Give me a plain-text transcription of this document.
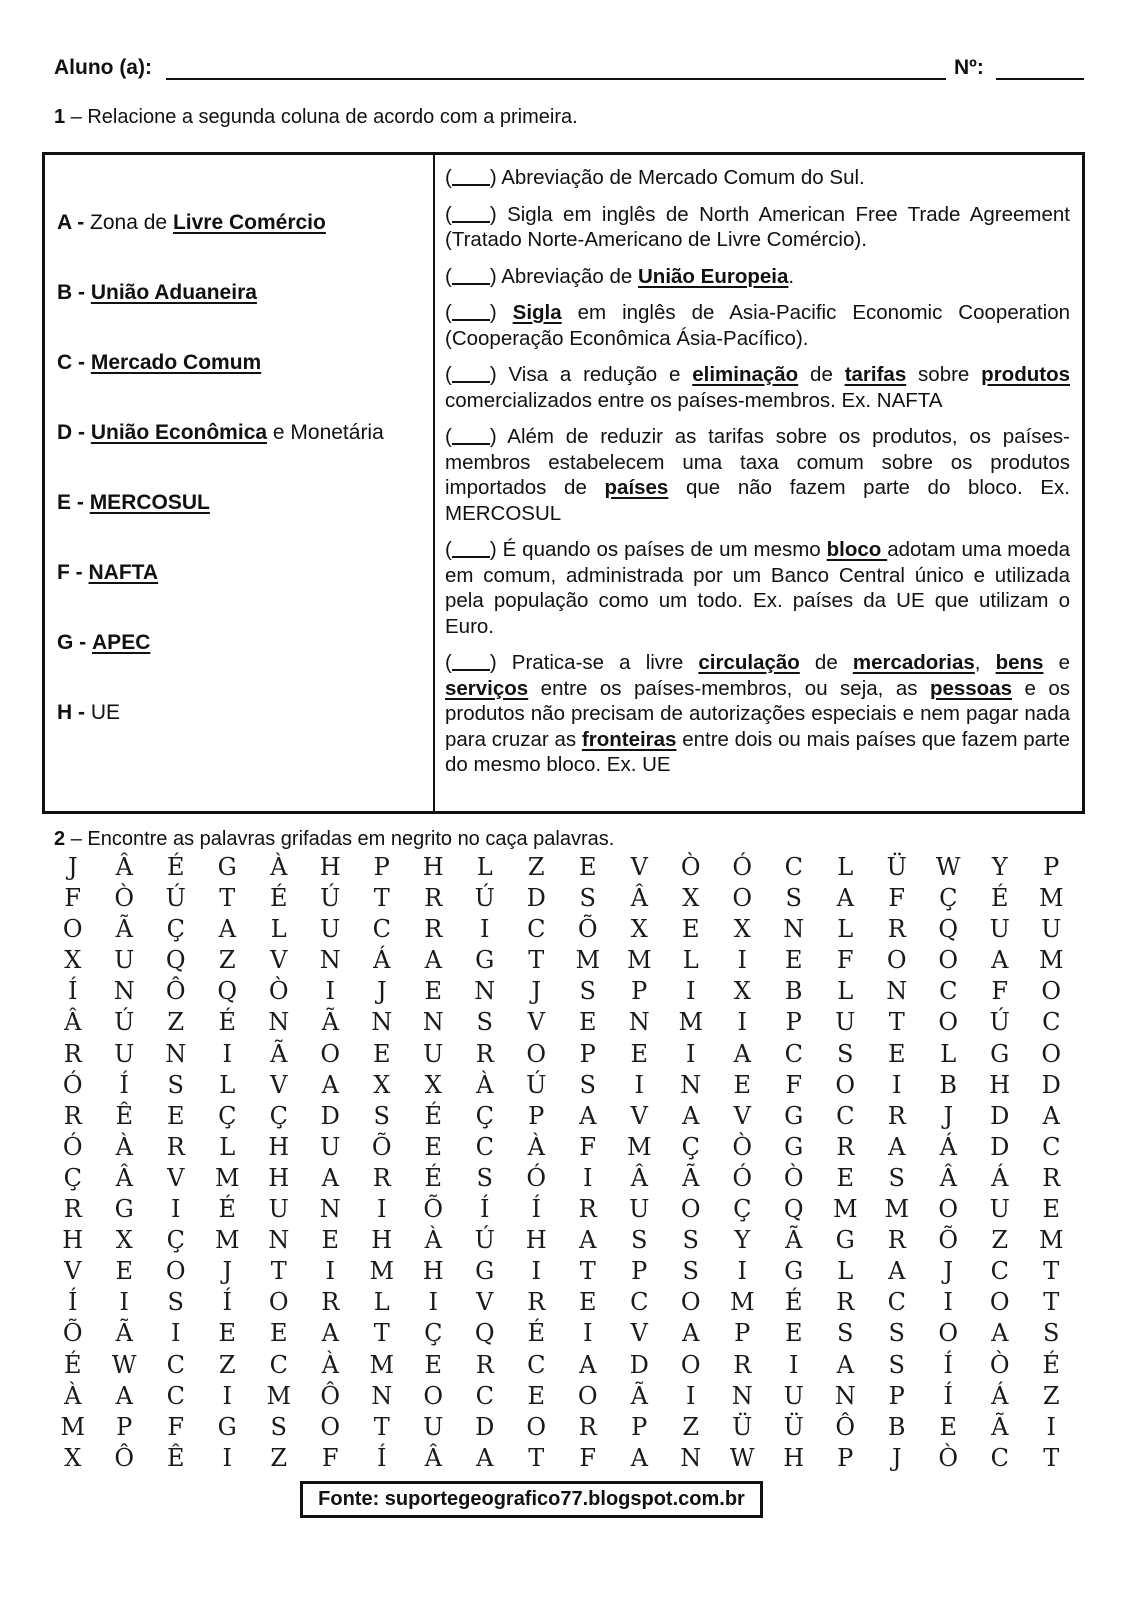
Aluno (a):	Nº:
1 – Relacione a segunda coluna de acordo com a primeira.
A - Zona de Livre Comércio
B - União Aduaneira
C - Mercado Comum
D - União Econômica e Monetária
E - MERCOSUL
F - NAFTA
G - APEC
H - UE
( ) Abreviação de Mercado Comum do Sul.
( ) Sigla em inglês de North American Free Trade Agreement (Tratado Norte-Americano de Livre Comércio).
( ) Abreviação de União Europeia.
( ) Sigla em inglês de Asia-Pacific Economic Cooperation (Cooperação Econômica Ásia-Pacífico).
( ) Visa a redução e eliminação de tarifas sobre produtos comercializados entre os países-membros. Ex. NAFTA
( ) Além de reduzir as tarifas sobre os produtos, os países-membros estabelecem uma taxa comum sobre os produtos importados de países que não fazem parte do bloco. Ex. MERCOSUL
( ) É quando os países de um mesmo bloco adotam uma moeda em comum, administrada por um Banco Central único e utilizada pela população como um todo. Ex. países da UE que utilizam o Euro.
( ) Pratica-se a livre circulação de mercadorias, bens e serviços entre os países-membros, ou seja, as pessoas e os produtos não precisam de autorizações especiais e nem pagar nada para cruzar as fronteiras entre dois ou mais países que fazem parte do mesmo bloco. Ex. UE
2 – Encontre as palavras grifadas em negrito no caça palavras.
J	Â	É	G	À	H	P	H	L	Z	E	V	Ò	Ó	C	L	Ü	W	Y	P
F	Ò	Ú	T	É	Ú	T	R	Ú	D	S	Â	X	O	S	A	F	Ç	É	M
O	Ã	Ç	A	L	U	C	R	I	C	Õ	X	E	X	N	L	R	Q	U	U
X	U	Q	Z	V	N	Á	A	G	T	M	M	L	I	E	F	O	O	A	M
Í	N	Ô	Q	Ò	I	J	E	N	J	S	P	I	X	B	L	N	C	F	O
Â	Ú	Z	É	N	Ã	N	N	S	V	E	N	M	I	P	U	T	O	Ú	C
R	U	N	I	Ã	O	E	U	R	O	P	E	I	A	C	S	E	L	G	O
Ó	Í	S	L	V	A	X	X	À	Ú	S	I	N	E	F	O	I	B	H	D
R	Ê	E	Ç	Ç	D	S	É	Ç	P	A	V	A	V	G	C	R	J	D	A
Ó	À	R	L	H	U	Õ	E	C	À	F	M	Ç	Ò	G	R	A	Á	D	C
Ç	Â	V	M	H	A	R	É	S	Ó	I	Â	Ã	Ó	Ò	E	S	Â	Á	R
R	G	I	É	U	N	I	Õ	Í	Í	R	U	O	Ç	Q	M	M	O	U	E
H	X	Ç	M	N	E	H	À	Ú	H	A	S	S	Y	Ã	G	R	Õ	Z	M
V	E	O	J	T	I	M	H	G	I	T	P	S	I	G	L	A	J	C	T
Í	I	S	Í	O	R	L	I	V	R	E	C	O	M	É	R	C	I	O	T
Õ	Ã	I	E	E	A	T	Ç	Q	É	I	V	A	P	E	S	S	O	A	S
É	W	C	Z	C	À	M	E	R	C	A	D	O	R	I	A	S	Í	Ò	É
À	A	C	I	M	Ô	N	O	C	E	O	Ã	I	N	U	N	P	Í	Á	Z
M	P	F	G	S	O	T	U	D	O	R	P	Z	Ü	Ü	Ô	B	E	Ã	I
X	Ô	Ê	I	Z	F	Í	Â	A	T	F	A	N	W	H	P	J	Ò	C	T
Fonte: suportegeografico77.blogspot.com.br
